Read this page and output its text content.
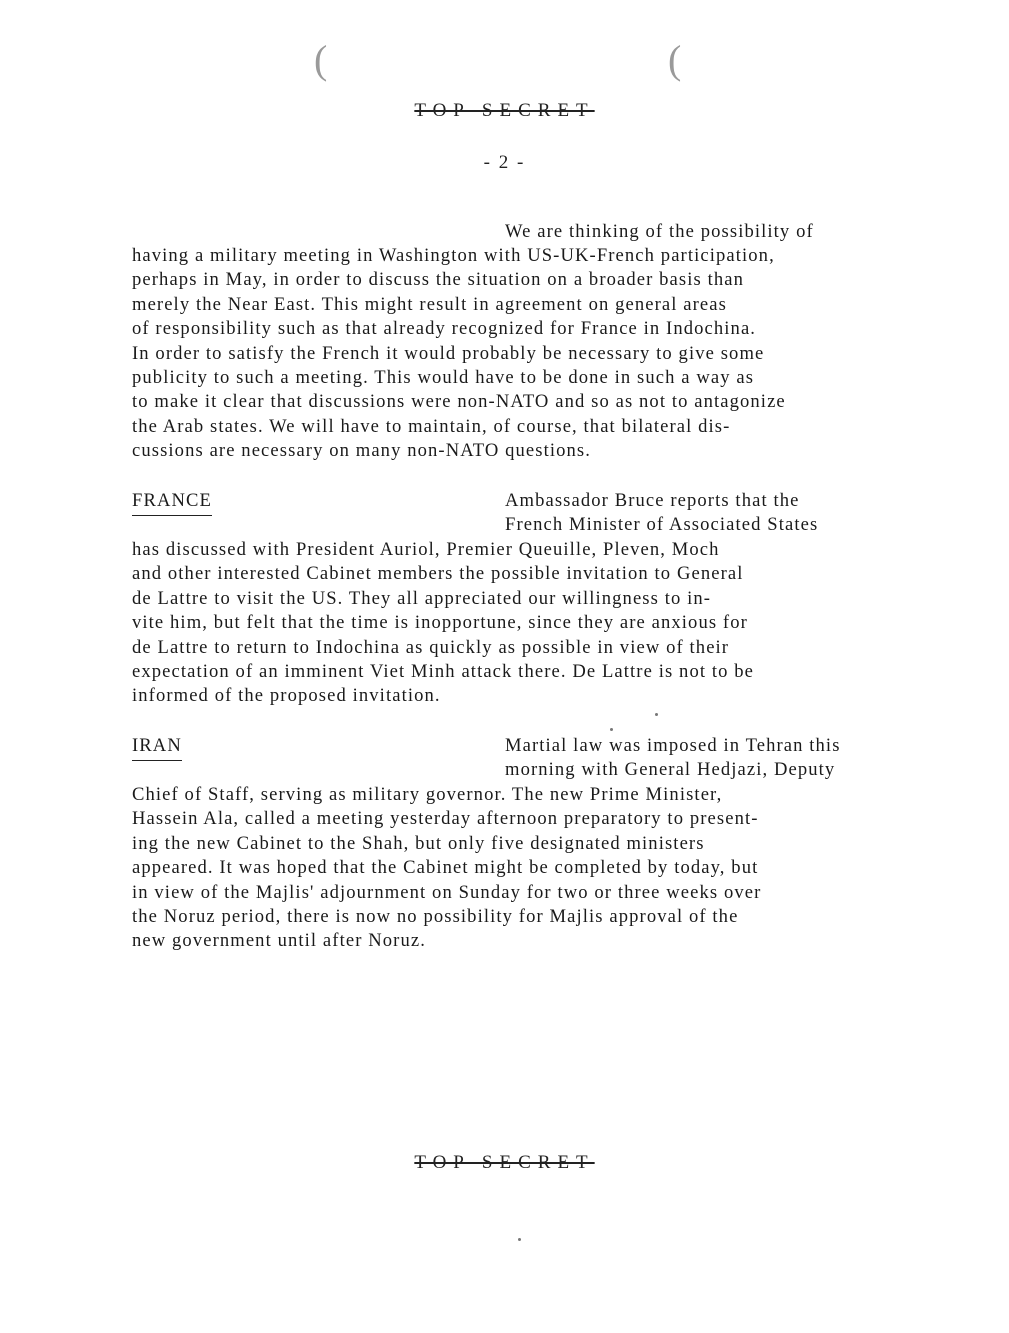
(	(
TOP SECRET
- 2 -

We are thinking of the possibility of

having a military meeting in Washington with US-UK-French participation,
perhaps in May, in order to discuss the situation on a broader basis than
merely the Near East. This might result in agreement on general areas
of responsibility such as that already recognized for France in Indochina.
In order to satisfy the French it would probably be necessary to give some
publicity to such a meeting. This would have to be done in such a way as
to make it clear that discussions were non-NATO and so as not to antagonize
the Arab states. We will have to maintain, of course, that bilateral dis-
cussions are necessary on many non-NATO questions.

FRANCE	Ambassador Bruce reports that the
French Minister of Associated States

has discussed with President Auriol, Premier Queuille, Pleven, Moch
and other interested Cabinet members the possible invitation to General
de Lattre to visit the US. They all appreciated our willingness to in-
vite him, but felt that the time is inopportune, since they are anxious for
de Lattre to return to Indochina as quickly as possible in view of their
expectation of an imminent Viet Minh attack there. De Lattre is not to be
informed of the proposed invitation.

IRAN	Martial law was imposed in Tehran this
morning with General Hedjazi, Deputy

Chief of Staff, serving as military governor. The new Prime Minister,
Hassein Ala, called a meeting yesterday afternoon preparatory to present-
ing the new Cabinet to the Shah, but only five designated ministers
appeared. It was hoped that the Cabinet might be completed by today, but
in view of the Majlis' adjournment on Sunday for two or three weeks over
the Noruz period, there is now no possibility for Majlis approval of the
new government until after Noruz.

TOP SECRET
